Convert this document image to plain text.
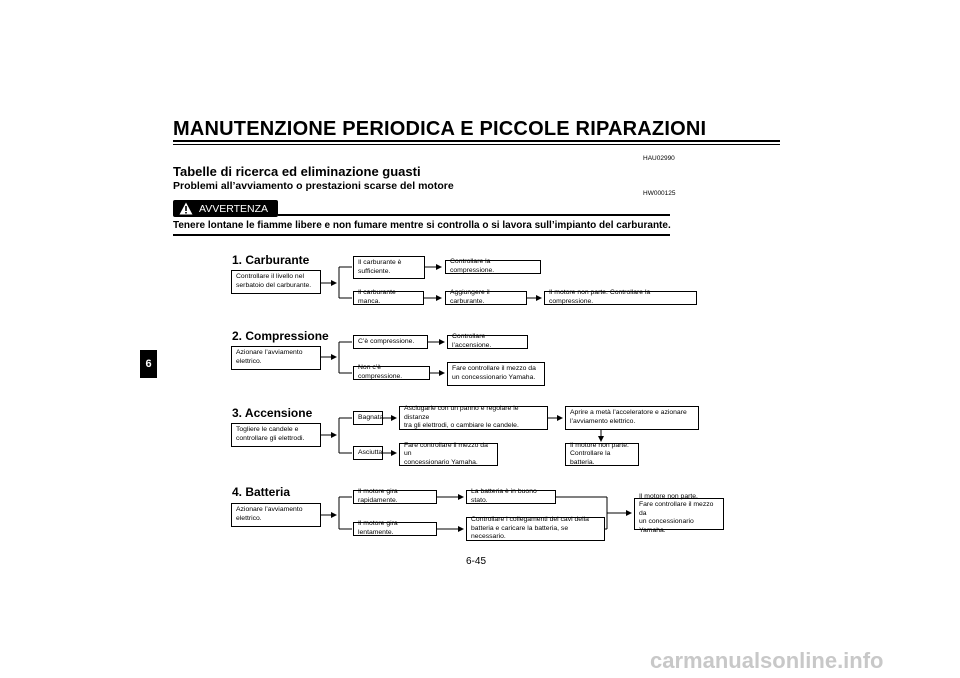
MANUTENZIONE PERIODICA E PICCOLE RIPARAZIONI
HAU02990
Tabelle di ricerca ed eliminazione guasti
Problemi all’avviamento o prestazioni scarse del motore
HW000125
AVVERTENZA
Tenere lontane le fiamme libere e non fumare mentre si controlla o si lavora sull’impianto del carburante.
6
1. Carburante
Controllare il livello nel
serbatoio del carburante.
Il carburante è
sufficiente.
Controllare la compressione.
Il carburante manca.
Aggiungere il carburante.
Il motore non parte. Controllare la compressione.
2. Compressione
Azionare l’avviamento
elettrico.
C’è compressione.
Controllare l’accensione.
Non c’è compressione.
Fare controllare il mezzo da
un concessionario Yamaha.
3. Accensione
Togliere le candele e
controllare gli elettrodi.
Bagnata
Asciugarle con un panno e regolare le distanze
tra gli elettrodi, o cambiare le candele.
Aprire a metà l’acceleratore e azionare
l’avviamento elettrico.
Il motore non parte.
Controllare la batteria.
Asciutta
Fare controllare il mezzo da un
concessionario Yamaha.
4. Batteria
Azionare l’avviamento
elettrico.
Il motore gira rapidamente.
La batteria è in buono stato.
Il motore gira lentamente.
Controllare i collegamenti dei cavi della
batteria e caricare la batteria, se necessario.
Il motore non parte.
Fare controllare il mezzo da
un concessionario Yamaha.
6-45
carmanualsonline.info
